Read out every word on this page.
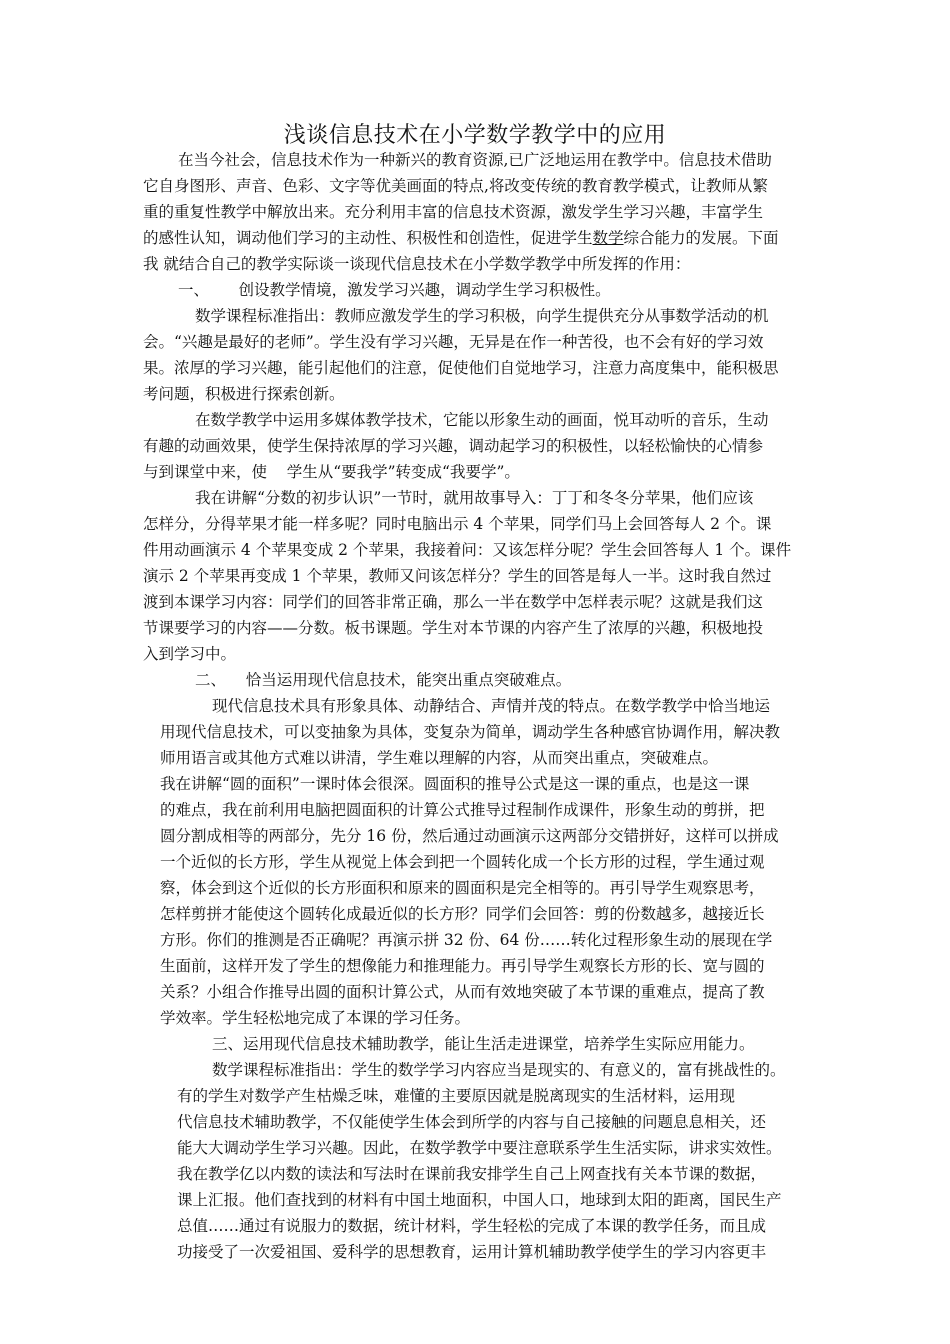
浅谈信息技术在小学数学教学中的应用
在当今社会，信息技术作为一种新兴的教育资源,已广泛地运用在教学中。信息技术借助
它自身图形、声音、色彩、文字等优美画面的特点,将改变传统的教育教学模式，让教师从繁
重的重复性教学中解放出来。充分利用丰富的信息技术资源，激发学生学习兴趣，丰富学生
的感性认知，调动他们学习的主动性、积极性和创造性，促进学生数学综合能力的发展。下面
我 就结合自己的教学实际谈一谈现代信息技术在小学数学教学中所发挥的作用：
一、      创设教学情境，激发学习兴趣，调动学生学习积极性。
数学课程标准指出：教师应激发学生的学习积极，向学生提供充分从事数学活动的机
会。“兴趣是最好的老师”。学生没有学习兴趣，无异是在作一种苦役，也不会有好的学习效
果。浓厚的学习兴趣，能引起他们的注意，促使他们自觉地学习，注意力高度集中，能积极思
考问题，积极进行探索创新。
在数学教学中运用多媒体教学技术，它能以形象生动的画面，悦耳动听的音乐，生动
有趣的动画效果，使学生保持浓厚的学习兴趣，调动起学习的积极性，以轻松愉快的心情参
与到课堂中来，使    学生从“要我学”转变成“我要学”。
我在讲解“分数的初步认识”一节时，就用故事导入：丁丁和冬冬分苹果，他们应该
怎样分，分得苹果才能一样多呢？同时电脑出示 4 个苹果，同学们马上会回答每人 2 个。课
件用动画演示 4 个苹果变成 2 个苹果，我接着问：又该怎样分呢？学生会回答每人 1 个。课件
演示 2 个苹果再变成 1 个苹果，教师又问该怎样分？学生的回答是每人一半。这时我自然过
渡到本课学习内容：同学们的回答非常正确，那么一半在数学中怎样表示呢？这就是我们这
节课要学习的内容——分数。板书课题。学生对本节课的内容产生了浓厚的兴趣，积极地投
入到学习中。
二、    恰当运用现代信息技术，能突出重点突破难点。
现代信息技术具有形象具体、动静结合、声情并茂的特点。在数学教学中恰当地运
用现代信息技术，可以变抽象为具体，变复杂为简单，调动学生各种感官协调作用，解决教
师用语言或其他方式难以讲清，学生难以理解的内容，从而突出重点，突破难点。
我在讲解“圆的面积”一课时体会很深。圆面积的推导公式是这一课的重点，也是这一课
的难点，我在前利用电脑把圆面积的计算公式推导过程制作成课件，形象生动的剪拼，把
圆分割成相等的两部分，先分 16 份，然后通过动画演示这两部分交错拼好，这样可以拼成
一个近似的长方形，学生从视觉上体会到把一个圆转化成一个长方形的过程，学生通过观
察，体会到这个近似的长方形面积和原来的圆面积是完全相等的。再引导学生观察思考，
怎样剪拼才能使这个圆转化成最近似的长方形？同学们会回答：剪的份数越多，越接近长
方形。你们的推测是否正确呢？再演示拼 32 份、64 份……转化过程形象生动的展现在学
生面前，这样开发了学生的想像能力和推理能力。再引导学生观察长方形的长、宽与圆的
关系？小组合作推导出圆的面积计算公式，从而有效地突破了本节课的重难点，提高了教
学效率。学生轻松地完成了本课的学习任务。
三、运用现代信息技术辅助教学，能让生活走进课堂，培养学生实际应用能力。
数学课程标准指出：学生的数学学习内容应当是现实的、有意义的，富有挑战性的。
有的学生对数学产生枯燥乏味，难懂的主要原因就是脱离现实的生活材料，运用现
代信息技术辅助教学，不仅能使学生体会到所学的内容与自己接触的问题息息相关，还
能大大调动学生学习兴趣。因此，在数学教学中要注意联系学生生活实际，讲求实效性。
我在教学亿以内数的读法和写法时在课前我安排学生自己上网查找有关本节课的数据，
课上汇报。他们查找到的材料有中国土地面积，中国人口，地球到太阳的距离，国民生产
总值……通过有说服力的数据，统计材料，学生轻松的完成了本课的教学任务，而且成
功接受了一次爱祖国、爱科学的思想教育，运用计算机辅助教学使学生的学习内容更丰
